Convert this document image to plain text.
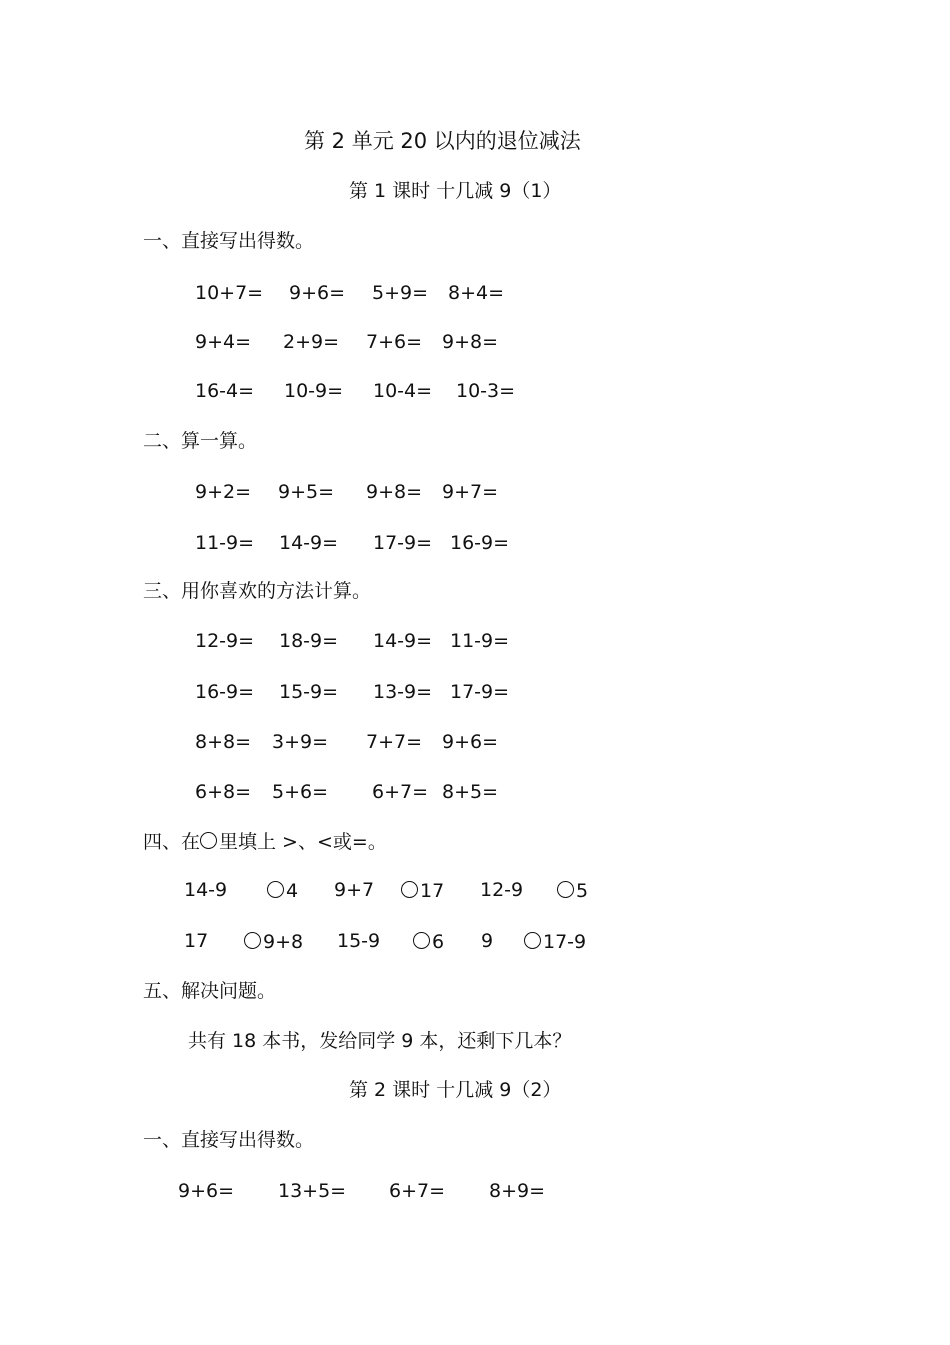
第 2 单元 20 以内的退位减法
第 1 课时 十几减 9（1）
一、直接写出得数。
10+7= 9+6= 5+9= 8+4=
9+4= 2+9= 7+6= 9+8=
16-4= 10-9= 10-4= 10-3=
二、算一算。
9+2= 9+5= 9+8= 9+7=
11-9= 14-9= 17-9= 16-9=
三、用你喜欢的方法计算。
12-9= 18-9= 14-9= 11-9=
16-9= 15-9= 13-9= 17-9=
8+8= 3+9= 7+7= 9+6=
6+8= 5+6= 6+7= 8+5=
四、在 里填上 >、<或=。
14-9	4 9+7	17 12-9	5
17	9+8 15-9	6 9	17-9
五、解决问题。
共有 18 本书，发给同学 9 本，还剩下几本？
第 2 课时 十几减 9（2）
一、直接写出得数。
9+6= 13+5= 6+7= 8+9=
